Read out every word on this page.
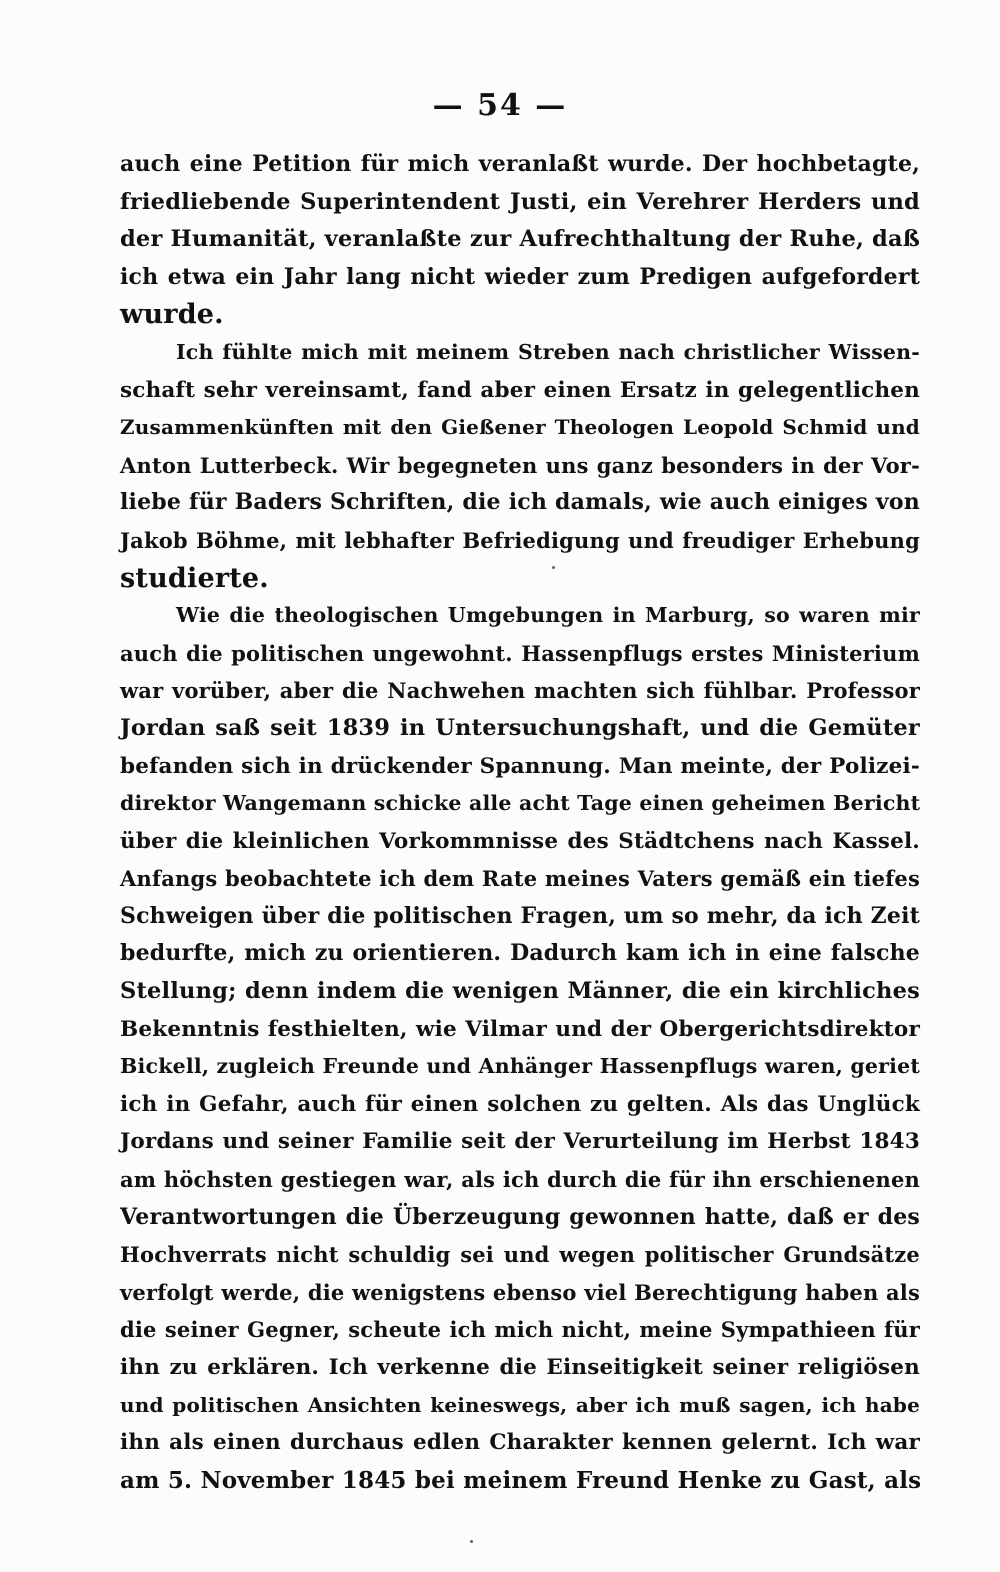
— 54 —
auch eine Petition für mich veranlaßt wurde. Der hochbetagte,
friedliebende Superintendent Justi, ein Verehrer Herders und
der Humanität, veranlaßte zur Aufrechthaltung der Ruhe, daß
ich etwa ein Jahr lang nicht wieder zum Predigen aufgefordert
wurde.
Ich fühlte mich mit meinem Streben nach christlicher Wissen-
schaft sehr vereinsamt, fand aber einen Ersatz in gelegentlichen
Zusammenkünften mit den Gießener Theologen Leopold Schmid und
Anton Lutterbeck. Wir begegneten uns ganz besonders in der Vor-
liebe für Baders Schriften, die ich damals, wie auch einiges von
Jakob Böhme, mit lebhafter Befriedigung und freudiger Erhebung
studierte.
Wie die theologischen Umgebungen in Marburg, so waren mir
auch die politischen ungewohnt. Hassenpflugs erstes Ministerium
war vorüber, aber die Nachwehen machten sich fühlbar. Professor
Jordan saß seit 1839 in Untersuchungshaft, und die Gemüter
befanden sich in drückender Spannung. Man meinte, der Polizei-
direktor Wangemann schicke alle acht Tage einen geheimen Bericht
über die kleinlichen Vorkommnisse des Städtchens nach Kassel.
Anfangs beobachtete ich dem Rate meines Vaters gemäß ein tiefes
Schweigen über die politischen Fragen, um so mehr, da ich Zeit
bedurfte, mich zu orientieren. Dadurch kam ich in eine falsche
Stellung; denn indem die wenigen Männer, die ein kirchliches
Bekenntnis festhielten, wie Vilmar und der Obergerichtsdirektor
Bickell, zugleich Freunde und Anhänger Hassenpflugs waren, geriet
ich in Gefahr, auch für einen solchen zu gelten. Als das Unglück
Jordans und seiner Familie seit der Verurteilung im Herbst 1843
am höchsten gestiegen war, als ich durch die für ihn erschienenen
Verantwortungen die Überzeugung gewonnen hatte, daß er des
Hochverrats nicht schuldig sei und wegen politischer Grundsätze
verfolgt werde, die wenigstens ebenso viel Berechtigung haben als
die seiner Gegner, scheute ich mich nicht, meine Sympathieen für
ihn zu erklären. Ich verkenne die Einseitigkeit seiner religiösen
und politischen Ansichten keineswegs, aber ich muß sagen, ich habe
ihn als einen durchaus edlen Charakter kennen gelernt. Ich war
am 5. November 1845 bei meinem Freund Henke zu Gast, als
